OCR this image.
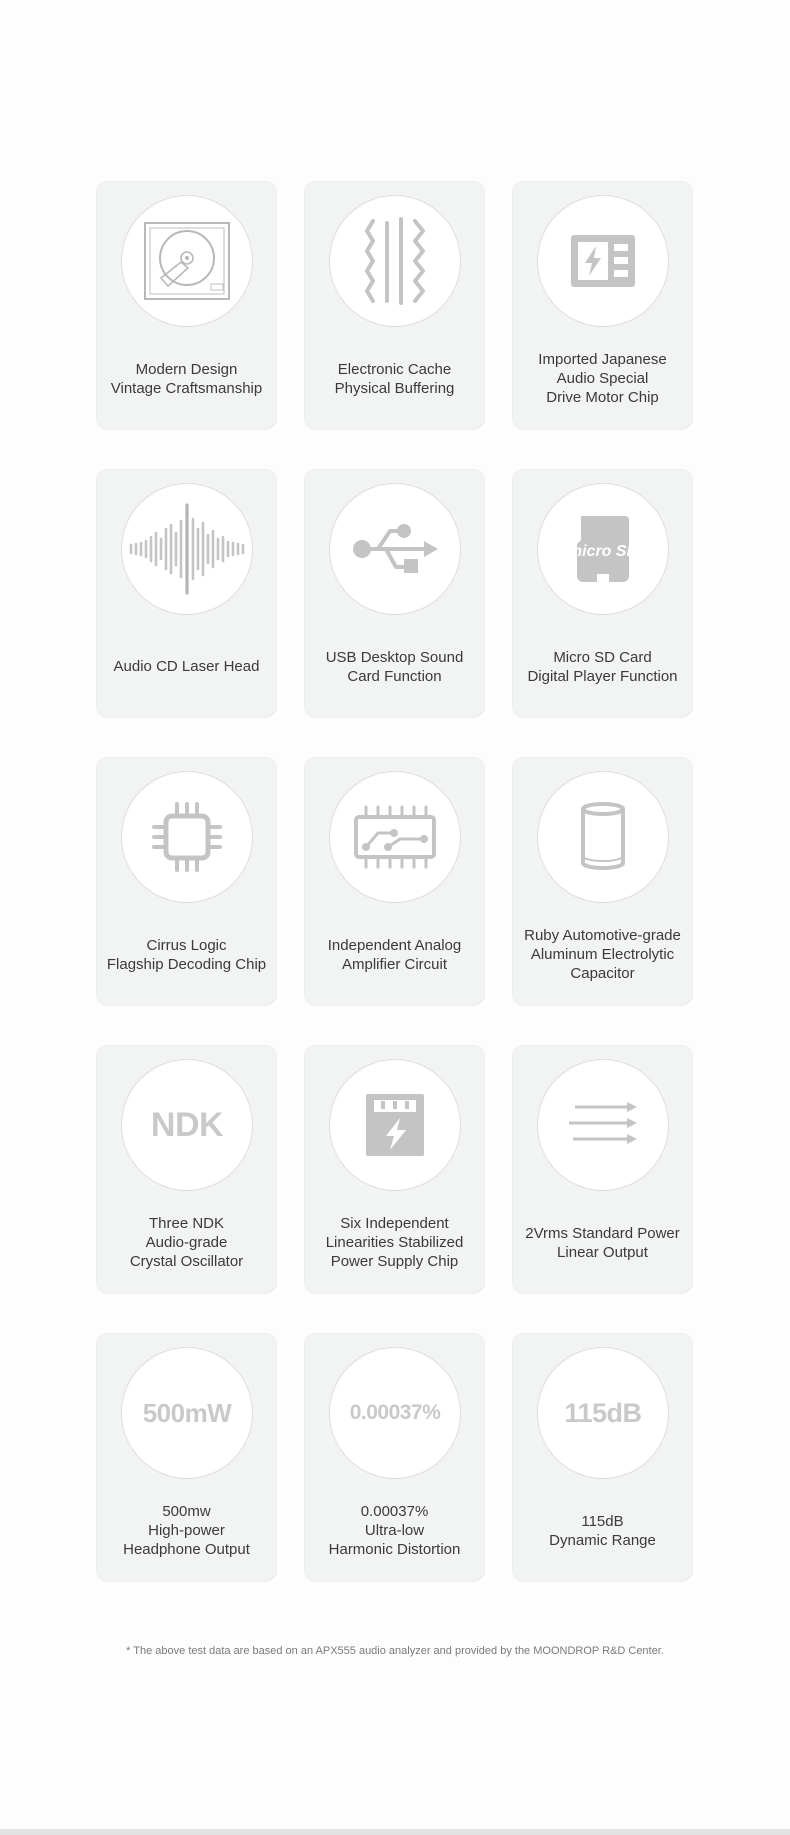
Modern Design
Vintage Craftsmanship
Electronic Cache
Physical Buffering
Imported Japanese
Audio Special
Drive Motor Chip
Audio CD Laser Head
USB Desktop Sound
Card Function
micro SD
Micro SD Card
Digital Player Function
Cirrus Logic
Flagship Decoding Chip
Independent Analog
Amplifier Circuit
Ruby Automotive-grade
Aluminum Electrolytic
Capacitor
NDK
Three NDK
Audio-grade
Crystal Oscillator
Six Independent
Linearities Stabilized
Power Supply Chip
2Vrms Standard Power
Linear Output
500mW
500mw
High-power
Headphone Output
0.00037%
0.00037%
Ultra-low
Harmonic Distortion
115dB
115dB
Dynamic Range
* The above test data are based on an APX555 audio analyzer and provided by the MOONDROP R&D Center.
